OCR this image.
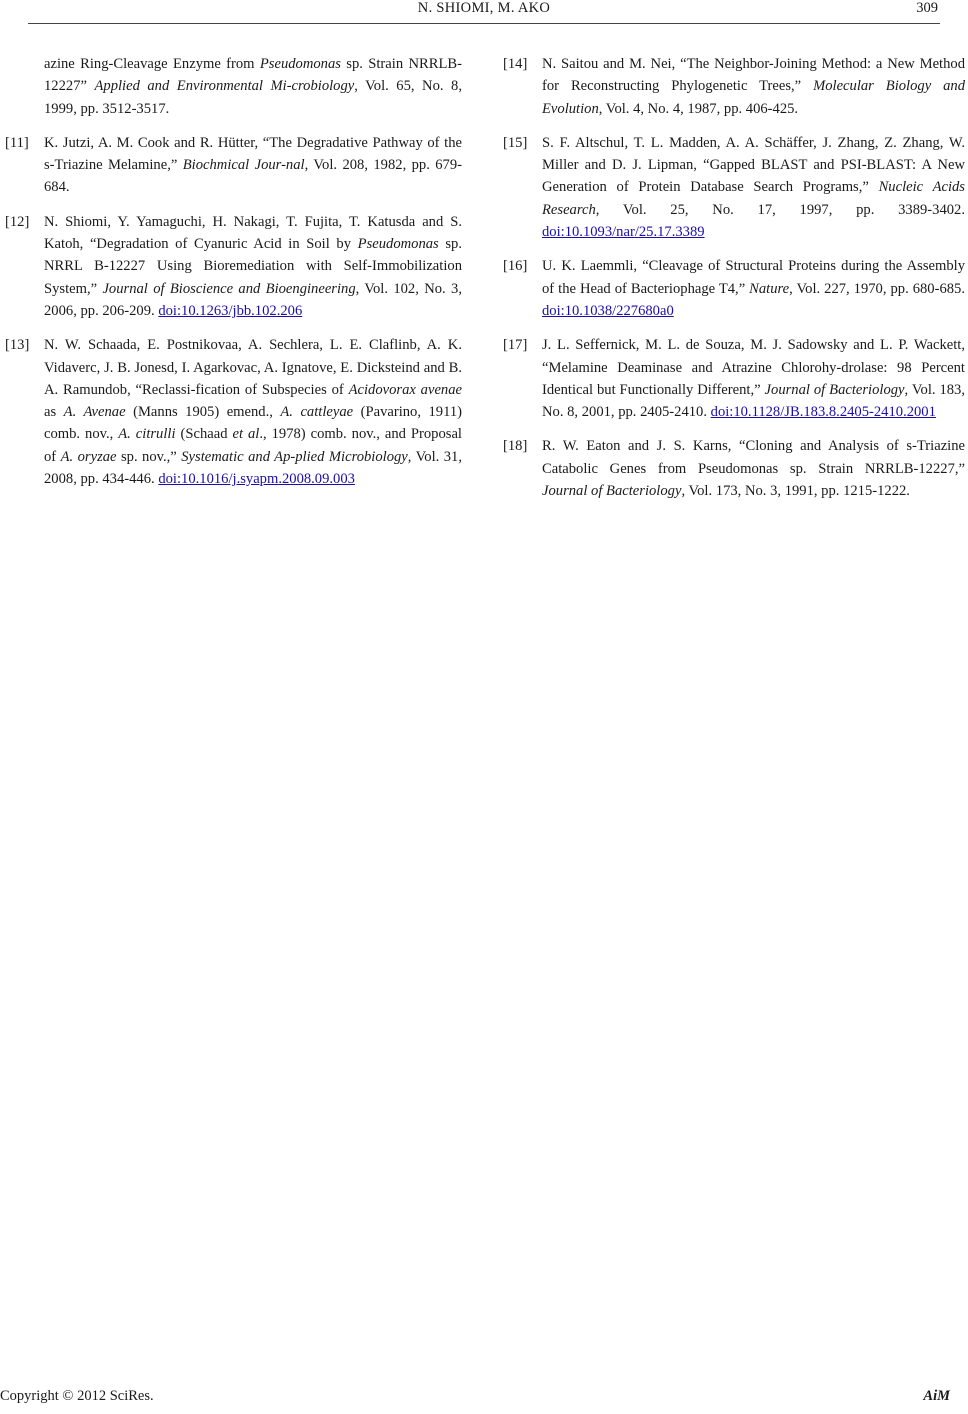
N. SHIOMI, M. AKO	309
azine Ring-Cleavage Enzyme from Pseudomonas sp. Strain NRRLB-12227” Applied and Environmental Mi-crobiology, Vol. 65, No. 8, 1999, pp. 3512-3517.
[11] K. Jutzi, A. M. Cook and R. Hütter, “The Degradative Pathway of the s-Triazine Melamine,” Biochmical Jour-nal, Vol. 208, 1982, pp. 679-684.
[12] N. Shiomi, Y. Yamaguchi, H. Nakagi, T. Fujita, T. Katusda and S. Katoh, “Degradation of Cyanuric Acid in Soil by Pseudomonas sp. NRRL B-12227 Using Bioremediation with Self-Immobilization System,” Journal of Bioscience and Bioengineering, Vol. 102, No. 3, 2006, pp. 206-209. doi:10.1263/jbb.102.206
[13] N. W. Schaada, E. Postnikovaa, A. Sechlera, L. E. Claflinb, A. K. Vidaverc, J. B. Jonesd, I. Agarkovac, A. Ignatove, E. Dicksteind and B. A. Ramundob, “Reclassi-fication of Subspecies of Acidovorax avenae as A. Avenae (Manns 1905) emend., A. cattleyae (Pavarino, 1911) comb. nov., A. citrulli (Schaad et al., 1978) comb. nov., and Proposal of A. oryzae sp. nov.,” Systematic and Ap-plied Microbiology, Vol. 31, 2008, pp. 434-446. doi:10.1016/j.syapm.2008.09.003
[14] N. Saitou and M. Nei, “The Neighbor-Joining Method: a New Method for Reconstructing Phylogenetic Trees,” Molecular Biology and Evolution, Vol. 4, No. 4, 1987, pp. 406-425.
[15] S. F. Altschul, T. L. Madden, A. A. Schäffer, J. Zhang, Z. Zhang, W. Miller and D. J. Lipman, “Gapped BLAST and PSI-BLAST: A New Generation of Protein Database Search Programs,” Nucleic Acids Research, Vol. 25, No. 17, 1997, pp. 3389-3402. doi:10.1093/nar/25.17.3389
[16] U. K. Laemmli, “Cleavage of Structural Proteins during the Assembly of the Head of Bacteriophage T4,” Nature, Vol. 227, 1970, pp. 680-685. doi:10.1038/227680a0
[17] J. L. Seffernick, M. L. de Souza, M. J. Sadowsky and L. P. Wackett, “Melamine Deaminase and Atrazine Chlorohy-drolase: 98 Percent Identical but Functionally Different,” Journal of Bacteriology, Vol. 183, No. 8, 2001, pp. 2405-2410. doi:10.1128/JB.183.8.2405-2410.2001
[18] R. W. Eaton and J. S. Karns, “Cloning and Analysis of s-Triazine Catabolic Genes from Pseudomonas sp. Strain NRRLB-12227,” Journal of Bacteriology, Vol. 173, No. 3, 1991, pp. 1215-1222.
Copyright © 2012 SciRes.	AiM
